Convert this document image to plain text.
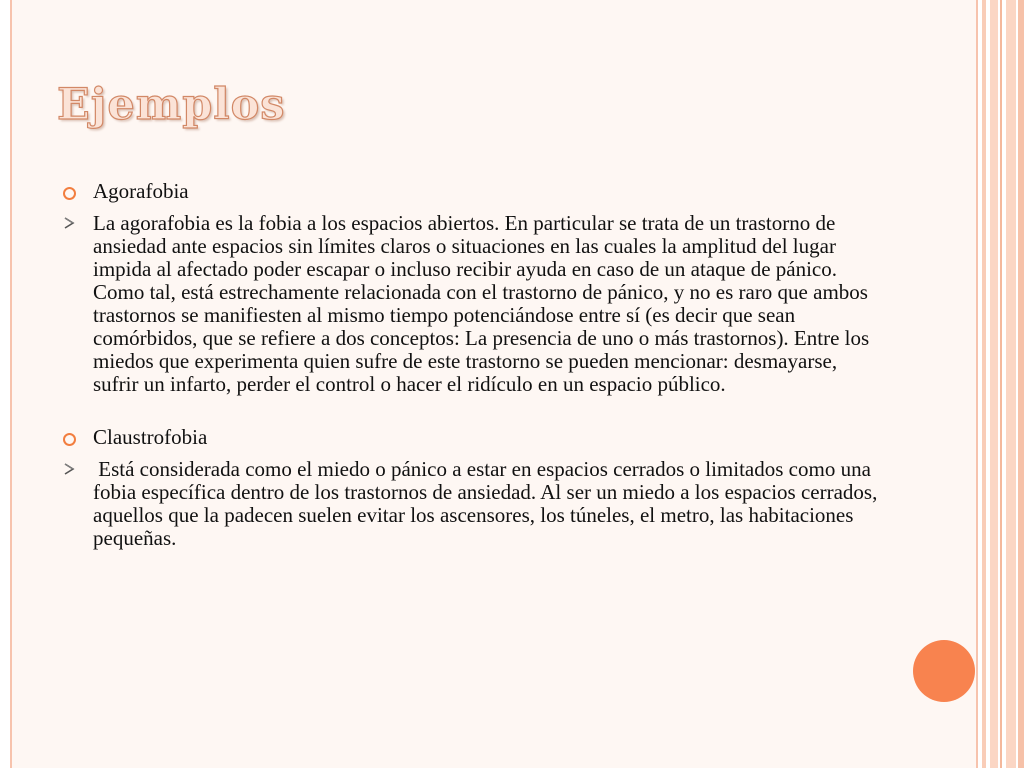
Ejemplos
Agorafobia
La agorafobia es la fobia a los espacios abiertos. En particular se trata de un trastorno de ansiedad ante espacios sin límites claros o situaciones en las cuales la amplitud del lugar impida al afectado poder escapar o incluso recibir ayuda en caso de un ataque de pánico. Como tal, está estrechamente relacionada con el trastorno de pánico, y no es raro que ambos trastornos se manifiesten al mismo tiempo potenciándose entre sí (es decir que sean comórbidos, que se refiere a dos conceptos: La presencia de uno o más trastornos). Entre los miedos que experimenta quien sufre de este trastorno se pueden mencionar: desmayarse, sufrir un infarto, perder el control o hacer el ridículo en un espacio público.
Claustrofobia
Está considerada como el miedo o pánico a estar en espacios cerrados o limitados como una fobia específica dentro de los trastornos de ansiedad. Al ser un miedo a los espacios cerrados, aquellos que la padecen suelen evitar los ascensores, los túneles, el metro, las habitaciones pequeñas.
